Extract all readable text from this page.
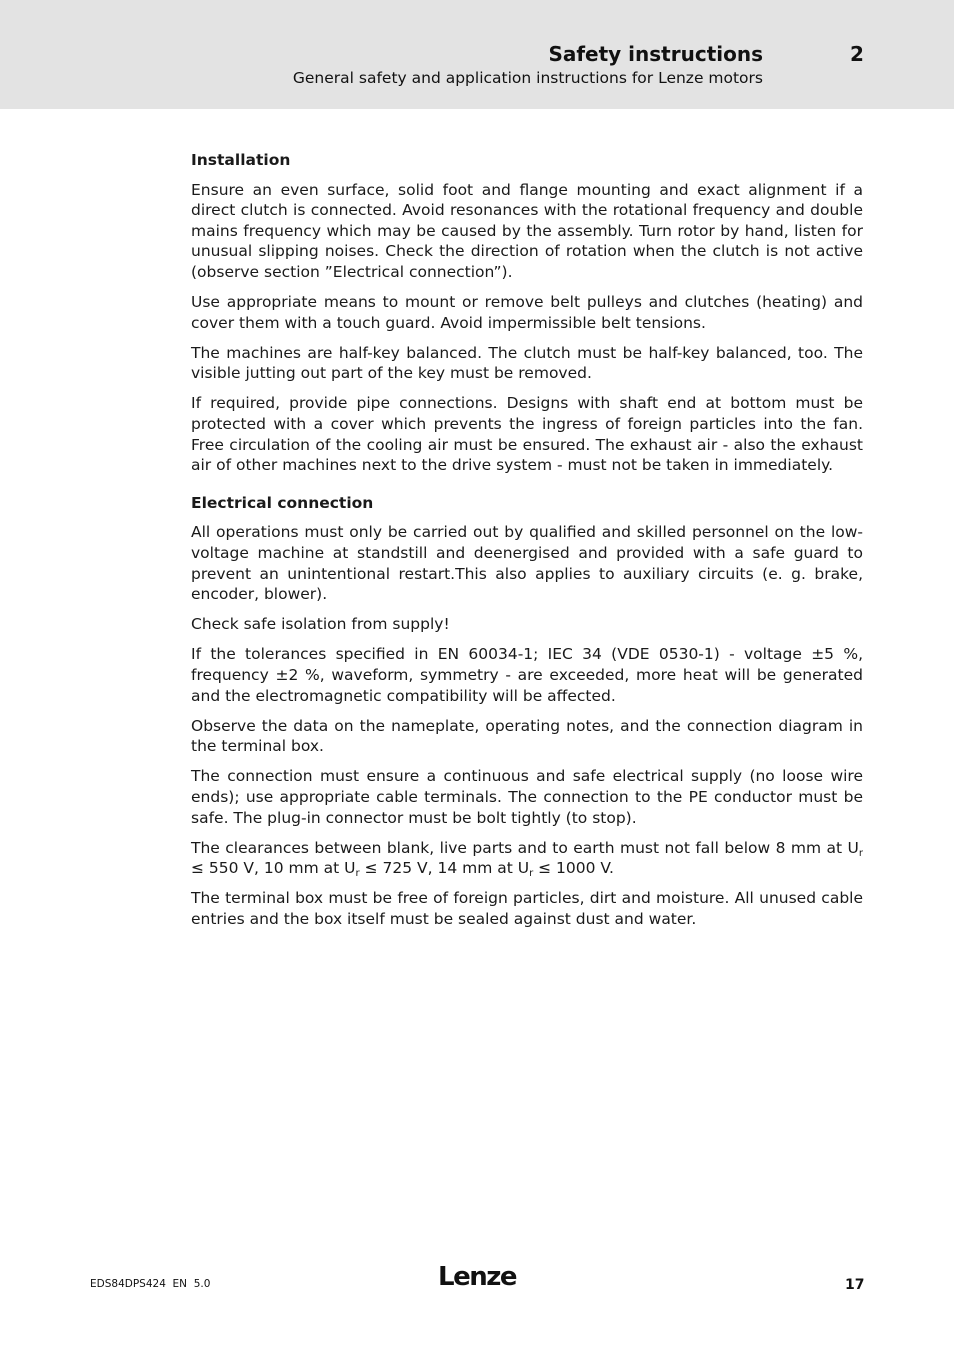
Safety instructions	2
General safety and application instructions for Lenze motors
Installation

Ensure an even surface, solid foot and flange mounting and exact alignment if a direct clutch is connected. Avoid resonances with the rotational frequency and double mains frequency which may be caused by the assembly. Turn rotor by hand, listen for unusual slipping noises. Check the direction of rotation when the clutch is not active (observe section ”Electrical connection”).

Use appropriate means to mount or remove belt pulleys and clutches (heating) and cover them with a touch guard. Avoid impermissible belt tensions.

The machines are half-key balanced. The clutch must be half-key balanced, too. The visible jutting out part of the key must be removed.

If required, provide pipe connections. Designs with shaft end at bottom must be protected with a cover which prevents the ingress of foreign particles into the fan. Free circulation of the cooling air must be ensured. The exhaust air - also the exhaust air of other machines next to the drive system - must not be taken in immediately.

Electrical connection

All operations must only be carried out by qualified and skilled personnel on the low-voltage machine at standstill and deenergised and provided with a safe guard to prevent an unintentional restart.This also applies to auxiliary circuits (e. g. brake, encoder, blower).

Check safe isolation from supply!

If the tolerances specified in EN 60034-1; IEC 34 (VDE 0530-1) - voltage ±5 %, frequency ±2 %, waveform, symmetry - are exceeded, more heat will be generated and the electromagnetic compatibility will be affected.

Observe the data on the nameplate, operating notes, and the connection diagram in the terminal box.

The connection must ensure a continuous and safe electrical supply (no loose wire ends); use appropriate cable terminals. The connection to the PE conductor must be safe. The plug-in connector must be bolt tightly (to stop).

The clearances between blank, live parts and to earth must not fall below 8 mm at $U_r \le 550$ V, 10 mm at $U_r \le 725$ V, 14 mm at $U_r \le 1000$ V.

The terminal box must be free of foreign particles, dirt and moisture. All unused cable entries and the box itself must be sealed against dust and water.

EDS84DPS424  EN  5.0	Lenze	17
